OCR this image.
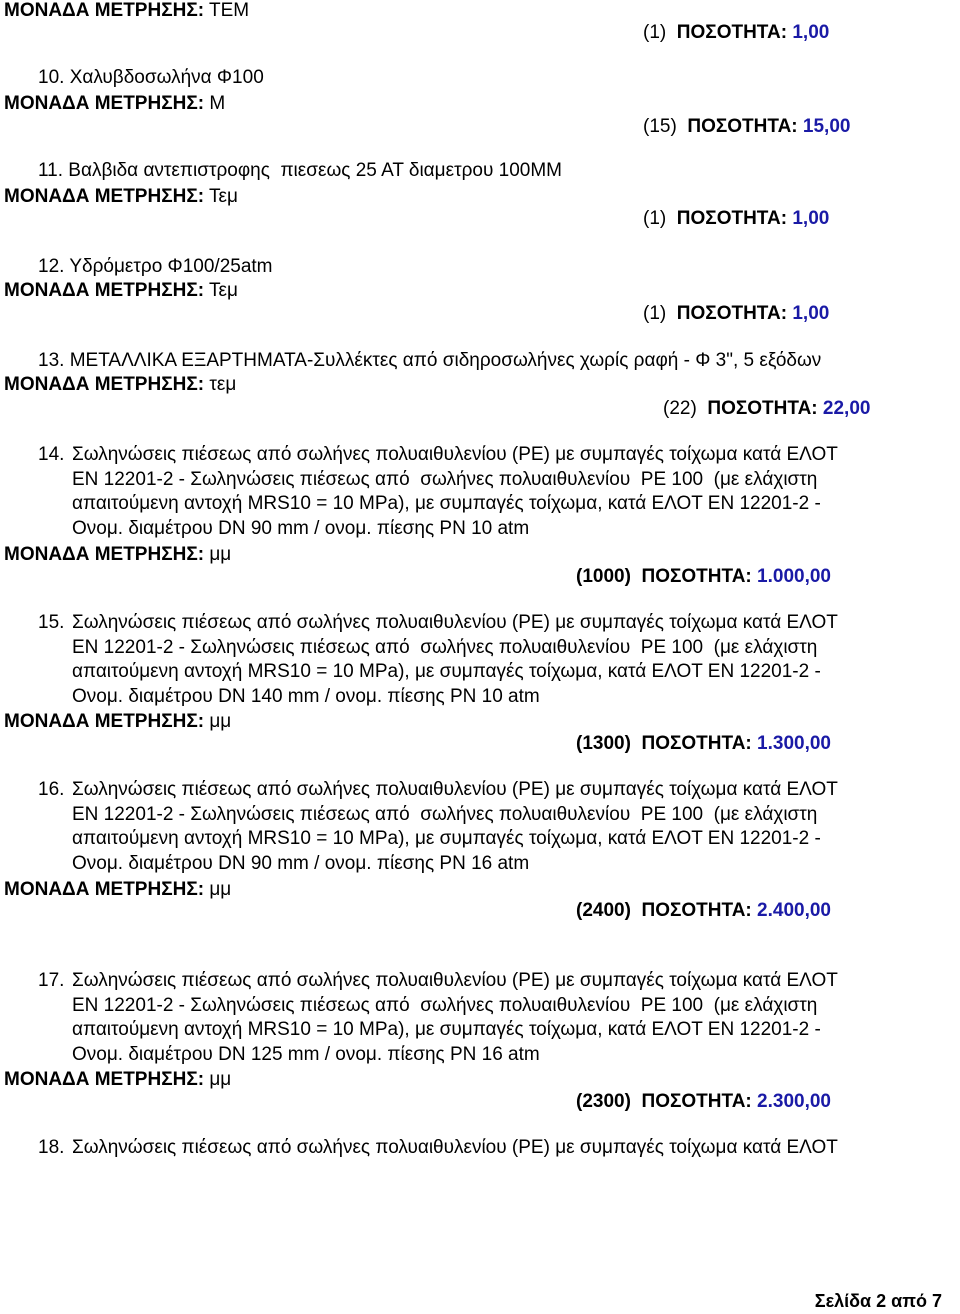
ΜΟΝΑΔΑ ΜΕΤΡΗΣΗΣ: ΤΕΜ
(1) ΠΟΣΟΤΗΤΑ: 1,00
10. Χαλυβδοσωλήνα Φ100
ΜΟΝΑΔΑ ΜΕΤΡΗΣΗΣ: Μ
(15) ΠΟΣΟΤΗΤΑ: 15,00
11. Βαλβιδα αντεπιστροφης  πιεσεως 25 ΑΤ διαμετρου 100ΜΜ
ΜΟΝΑΔΑ ΜΕΤΡΗΣΗΣ: Τεμ
(1) ΠΟΣΟΤΗΤΑ: 1,00
12. Υδρόμετρο Φ100/25atm
ΜΟΝΑΔΑ ΜΕΤΡΗΣΗΣ: Τεμ
(1) ΠΟΣΟΤΗΤΑ: 1,00
13. ΜΕΤΑΛΛΙΚΑ ΕΞΑΡΤΗΜΑΤΑ-Συλλέκτες από σιδηροσωλήνες χωρίς ραφή - Φ 3", 5 εξόδων
ΜΟΝΑΔΑ ΜΕΤΡΗΣΗΣ: τεμ
(22) ΠΟΣΟΤΗΤΑ: 22,00
14. Σωληνώσεις πιέσεως από σωλήνες πολυαιθυλενίου (PE) με συμπαγές τοίχωμα κατά ΕΛΟΤ
ΕΝ 12201-2 - Σωληνώσεις πιέσεως από  σωλήνες πολυαιθυλενίου  PE 100  (με ελάχιστη
απαιτούμενη αντοχή MRS10 = 10 MPa), με συμπαγές τοίχωμα, κατά ΕΛΟΤ ΕΝ 12201-2 -
Ονομ. διαμέτρου DN 90 mm / ονομ. πίεσης PN 10 atm
ΜΟΝΑΔΑ ΜΕΤΡΗΣΗΣ: μμ
(1000) ΠΟΣΟΤΗΤΑ: 1.000,00
15. Σωληνώσεις πιέσεως από σωλήνες πολυαιθυλενίου (PE) με συμπαγές τοίχωμα κατά ΕΛΟΤ
ΕΝ 12201-2 - Σωληνώσεις πιέσεως από  σωλήνες πολυαιθυλενίου  PE 100  (με ελάχιστη
απαιτούμενη αντοχή MRS10 = 10 MPa), με συμπαγές τοίχωμα, κατά ΕΛΟΤ ΕΝ 12201-2 -
Ονομ. διαμέτρου DN 140 mm / ονομ. πίεσης PN 10 atm
ΜΟΝΑΔΑ ΜΕΤΡΗΣΗΣ: μμ
(1300) ΠΟΣΟΤΗΤΑ: 1.300,00
16. Σωληνώσεις πιέσεως από σωλήνες πολυαιθυλενίου (PE) με συμπαγές τοίχωμα κατά ΕΛΟΤ
ΕΝ 12201-2 - Σωληνώσεις πιέσεως από  σωλήνες πολυαιθυλενίου  PE 100  (με ελάχιστη
απαιτούμενη αντοχή MRS10 = 10 MPa), με συμπαγές τοίχωμα, κατά ΕΛΟΤ ΕΝ 12201-2 -
Ονομ. διαμέτρου DN 90 mm / ονομ. πίεσης PN 16 atm
ΜΟΝΑΔΑ ΜΕΤΡΗΣΗΣ: μμ
(2400) ΠΟΣΟΤΗΤΑ: 2.400,00
17. Σωληνώσεις πιέσεως από σωλήνες πολυαιθυλενίου (PE) με συμπαγές τοίχωμα κατά ΕΛΟΤ
ΕΝ 12201-2 - Σωληνώσεις πιέσεως από  σωλήνες πολυαιθυλενίου  PE 100  (με ελάχιστη
απαιτούμενη αντοχή MRS10 = 10 MPa), με συμπαγές τοίχωμα, κατά ΕΛΟΤ ΕΝ 12201-2 -
Ονομ. διαμέτρου DN 125 mm / ονομ. πίεσης PN 16 atm
ΜΟΝΑΔΑ ΜΕΤΡΗΣΗΣ: μμ
(2300) ΠΟΣΟΤΗΤΑ: 2.300,00
18. Σωληνώσεις πιέσεως από σωλήνες πολυαιθυλενίου (PE) με συμπαγές τοίχωμα κατά ΕΛΟΤ
Σελίδα 2 από 7
